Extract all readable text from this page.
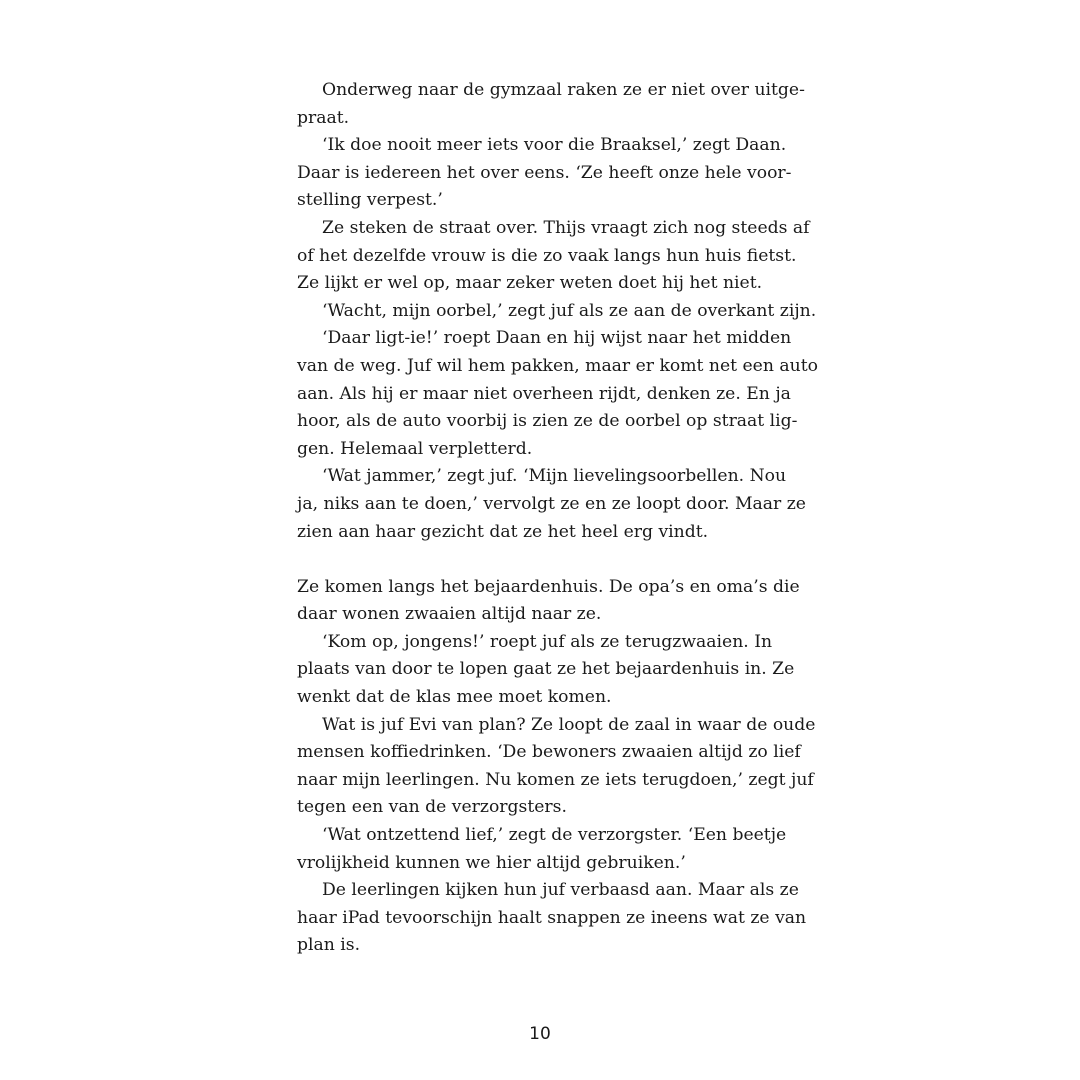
Onderweg naar de gymzaal raken ze er niet over uitge-
praat.
‘Ik doe nooit meer iets voor die Braaksel,’ zegt Daan.
Daar is iedereen het over eens. ‘Ze heeft onze hele voor-
stelling verpest.’
Ze steken de straat over. Thijs vraagt zich nog steeds af
of het dezelfde vrouw is die zo vaak langs hun huis fietst.
Ze lijkt er wel op, maar zeker weten doet hij het niet.
‘Wacht, mijn oorbel,’ zegt juf als ze aan de overkant zijn.
‘Daar ligt-ie!’ roept Daan en hij wijst naar het midden
van de weg. Juf wil hem pakken, maar er komt net een auto
aan. Als hij er maar niet overheen rijdt, denken ze. En ja
hoor, als de auto voorbij is zien ze de oorbel op straat lig-
gen. Helemaal verpletterd.
‘Wat jammer,’ zegt juf. ‘Mijn lievelingsoorbellen. Nou
ja, niks aan te doen,’ vervolgt ze en ze loopt door. Maar ze
zien aan haar gezicht dat ze het heel erg vindt.
Ze komen langs het bejaardenhuis. De opa’s en oma’s die
daar wonen zwaaien altijd naar ze.
‘Kom op, jongens!’ roept juf als ze terugzwaaien. In
plaats van door te lopen gaat ze het bejaardenhuis in. Ze
wenkt dat de klas mee moet komen.
Wat is juf Evi van plan? Ze loopt de zaal in waar de oude
mensen koffiedrinken. ‘De bewoners zwaaien altijd zo lief
naar mijn leerlingen. Nu komen ze iets terugdoen,’ zegt juf
tegen een van de verzorgsters.
‘Wat ontzettend lief,’ zegt de verzorgster. ‘Een beetje
vrolijkheid kunnen we hier altijd gebruiken.’
De leerlingen kijken hun juf verbaasd aan. Maar als ze
haar iPad tevoorschijn haalt snappen ze ineens wat ze van
plan is.
10
